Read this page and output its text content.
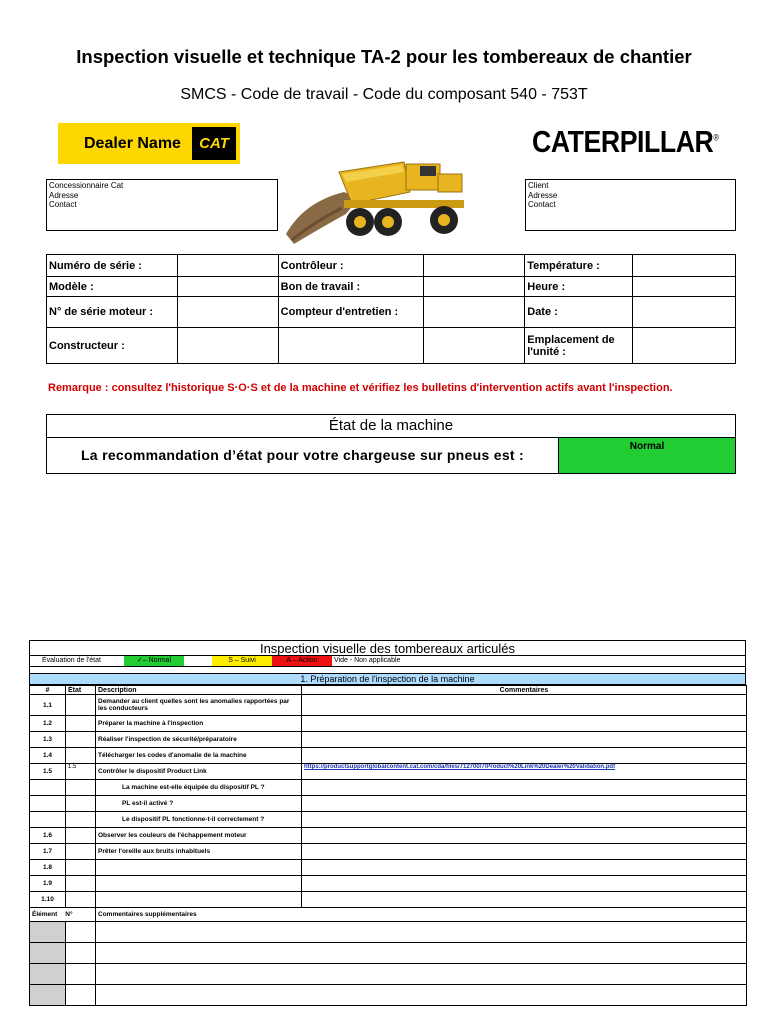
Inspection visuelle et technique TA-2 pour les tombereaux de chantier
SMCS - Code de travail - Code du composant 540 - 753T
Dealer Name	CAT	CATERPILLAR®
Concessionnaire Cat
Adresse
Contact
Client
Adresse
Contact
Numéro de série :		Contrôleur :		Température :	
Modèle :		Bon de travail :		Heure :	
N° de série moteur :		Compteur d'entretien :		Date :	
Constructeur :				Emplacement de l'unité :	
Remarque : consultez l'historique S·O·S et de la machine et vérifiez les bulletins d'intervention actifs avant l'inspection.
État de la machine
La recommandation d’état pour votre chargeuse sur pneus est :
Normal
Inspection visuelle des tombereaux articulés
Évaluation de l'état	✓– Normal	S – Suivi	A – Action	Vide - Non applicable
1. Préparation de l'inspection de la machine
#	État	Description	Commentaires
1.1		Demander au client quelles sont les anomalies rapportées par les conducteurs	
1.2		Préparer la machine à l'inspection	
1.3		Réaliser l'inspection de sécurité/préparatoire	
1.4		Télécharger les codes d'anomalie de la machine	
1.5	1.5	Contrôler le dispositif Product Link	https://productsupportglobalcontent.cat.com/cda/files/712700/7/Product%20Link%20Dealer%20Validation.pdf
		La machine est-elle équipée du dispositif PL ?	
		PL est-il activé ?	
		Le dispositif PL fonctionne-t-il correctement ?	
1.6		Observer les couleurs de l'échappement moteur	
1.7		Prêter l'oreille aux bruits inhabituels	
1.8			
1.9			
1.10			
Élément N°		Commentaires supplémentaires	
